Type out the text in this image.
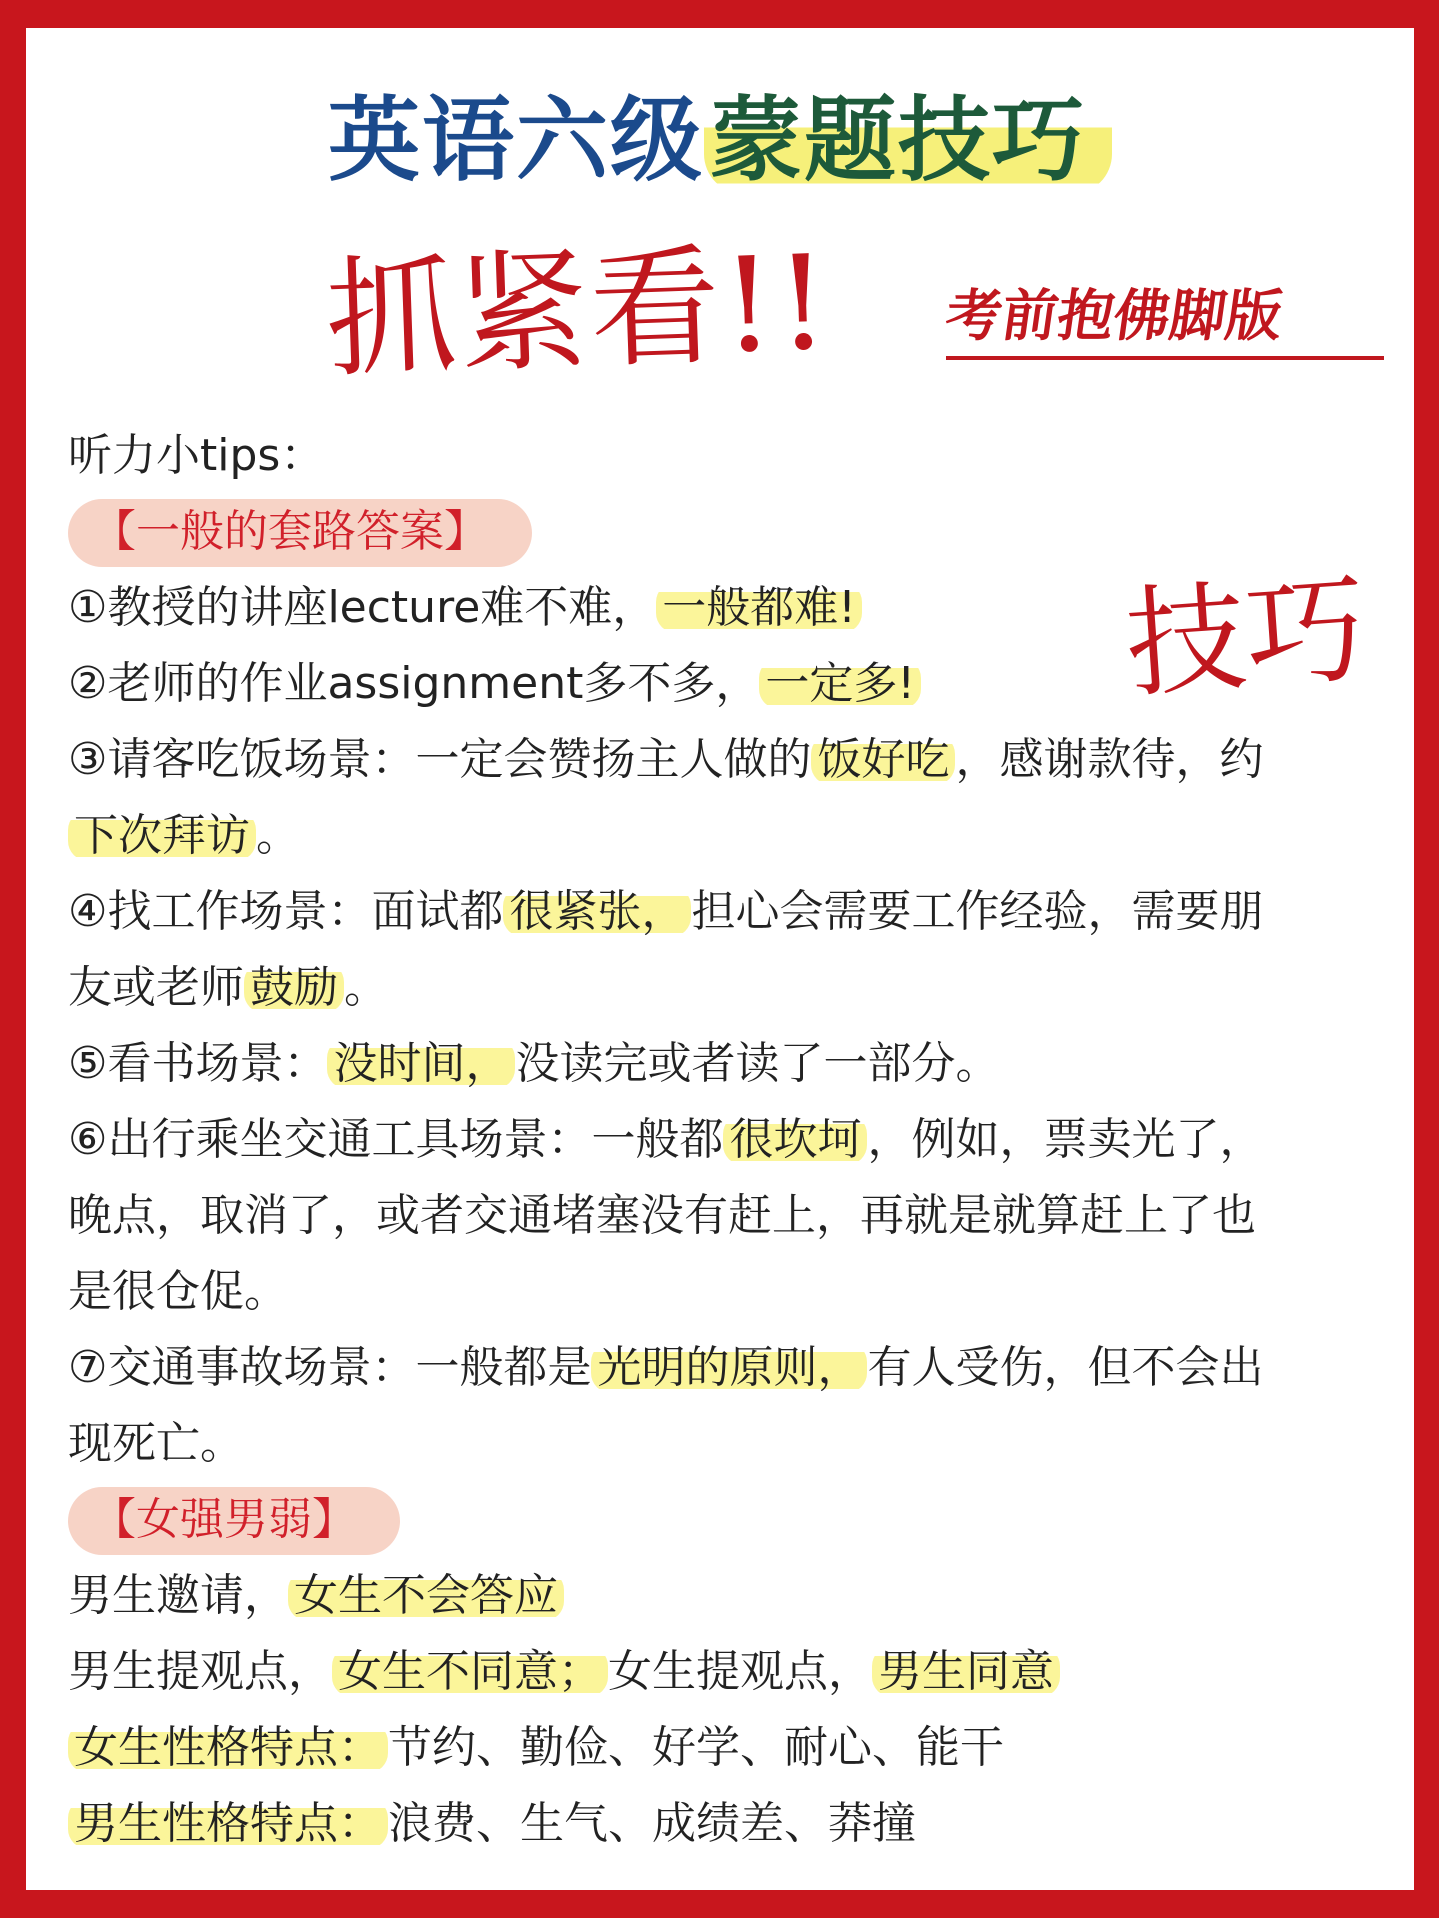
英语六级蒙题技巧
抓紧看!! 考前抱佛脚版
技巧
听力小tips：
【一般的套路答案】
①教授的讲座lecture难不难， 一般都难!
②老师的作业assignment多不多， 一定多!
③请客吃饭场景：一定会赞扬主人做的 饭好吃 ，感谢款待，约
下次拜访 。
④找工作场景：面试都 很紧张， 担心会需要工作经验，需要朋
友或老师 鼓励 。
⑤看书场景： 没时间， 没读完或者读了一部分。
⑥出行乘坐交通工具场景：一般都 很坎坷 ，例如，票卖光了，
晚点，取消了，或者交通堵塞没有赶上，再就是就算赶上了也
是很仓促。
⑦交通事故场景：一般都是 光明的原则， 有人受伤，但不会出
现死亡。
【女强男弱】
男生邀请， 女生不会答应
男生提观点， 女生不同意； 女生提观点， 男生同意
女生性格特点： 节约、勤俭、好学、耐心、能干
男生性格特点： 浪费、生气、成绩差、莽撞
